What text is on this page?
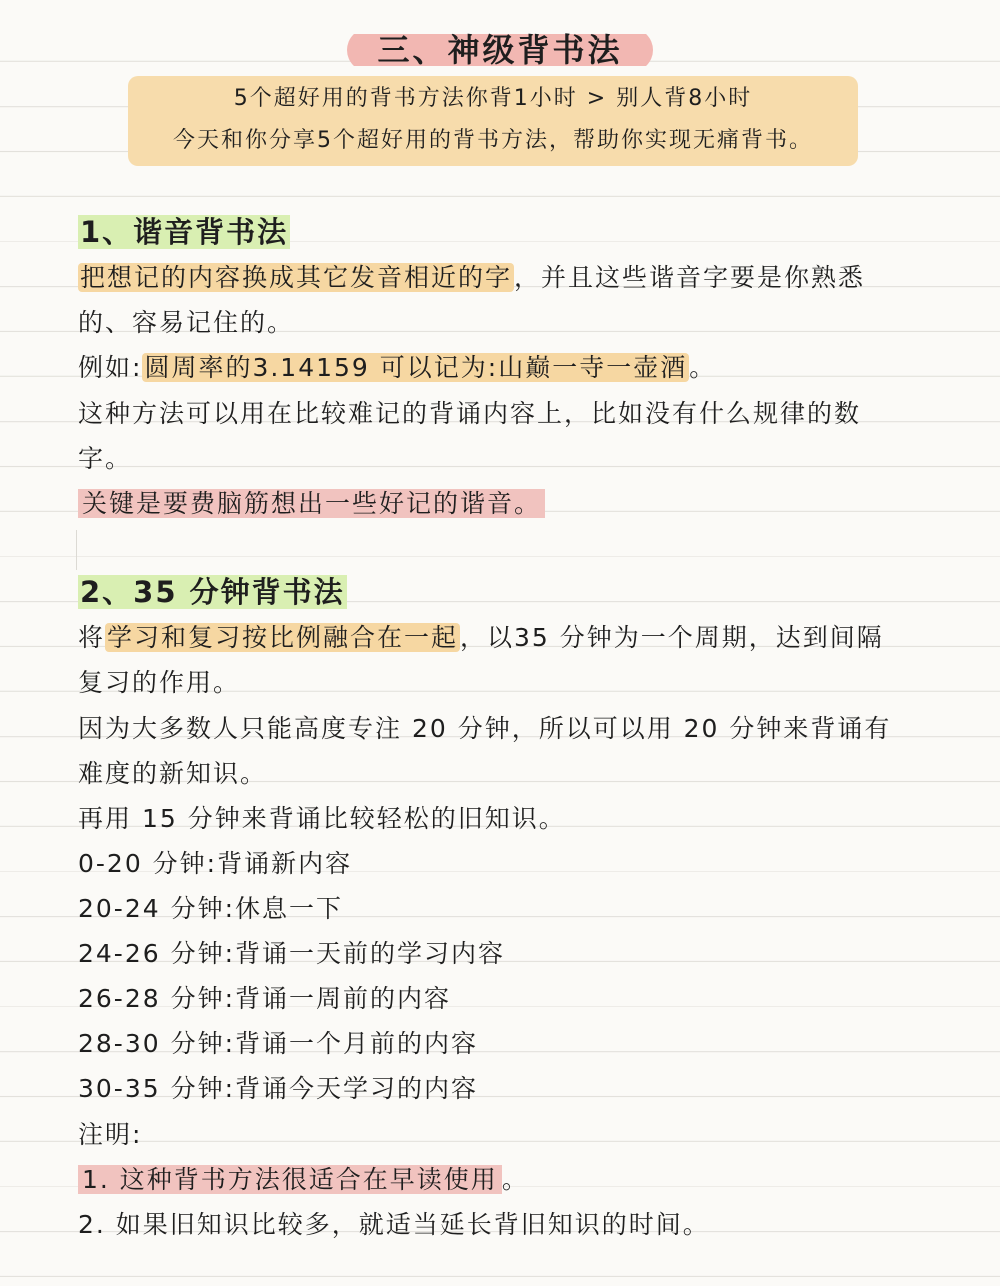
三、神级背书法
5个超好用的背书方法你背1小时 > 别人背8小时
今天和你分享5个超好用的背书方法，帮助你实现无痛背书。
1、谐音背书法
把想记的内容换成其它发音相近的字，并且这些谐音字要是你熟悉
的、容易记住的。
例如:圆周率的3.14159 可以记为:山巅一寺一壶酒。
这种方法可以用在比较难记的背诵内容上，比如没有什么规律的数
字。
关键是要费脑筋想出一些好记的谐音。
2、35 分钟背书法
将学习和复习按比例融合在一起，以35 分钟为一个周期，达到间隔
复习的作用。
因为大多数人只能高度专注 20 分钟，所以可以用 20 分钟来背诵有
难度的新知识。
再用 15 分钟来背诵比较轻松的旧知识。
0-20 分钟:背诵新内容
20-24 分钟:休息一下
24-26 分钟:背诵一天前的学习内容
26-28 分钟:背诵一周前的内容
28-30 分钟:背诵一个月前的内容
30-35 分钟:背诵今天学习的内容
注明:
1. 这种背书方法很适合在早读使用 。
2. 如果旧知识比较多，就适当延长背旧知识的时间。
